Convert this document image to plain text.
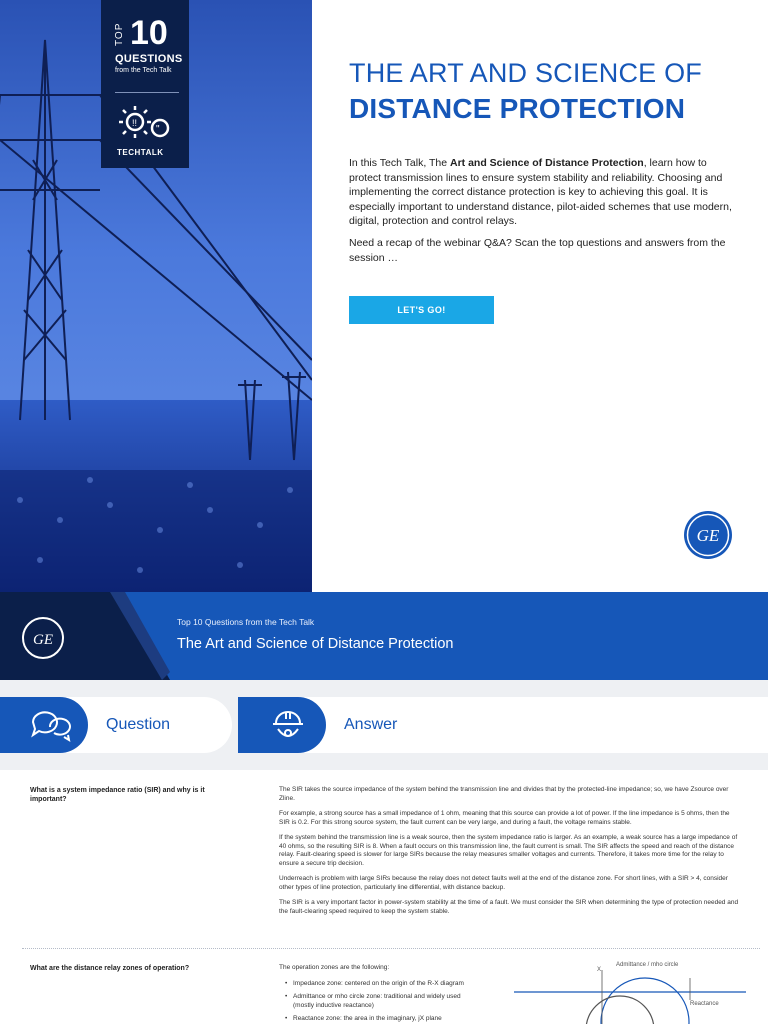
10
TOP
QUESTIONS
from the Tech Talk
"
!!
TECHTALK
THE ART AND SCIENCE OF
DISTANCE PROTECTION
In this Tech Talk, The Art and Science of Distance Protection, learn how to protect transmission lines to ensure system stability and reliability. Choosing and implementing the correct distance protection is key to achieving this goal. It is especially important to understand distance, pilot-aided schemes that use modern, digital, protection and control relays.
Need a recap of the webinar Q&A? Scan the top questions and answers from the session …
LET'S GO!
GE
GE
Top 10 Questions from the Tech Talk
The Art and Science of Distance Protection
Question	Answer
What is a system impedance ratio (SIR) and why is it important?

The SIR takes the source impedance of the system behind the transmission line and divides that by the protected-line impedance; so, we have Zsource over Zline.

For example, a strong source has a small impedance of 1 ohm, meaning that this source can provide a lot of power. If the line impedance is 5 ohms, then the SIR is 0.2. For this strong source system, the fault current can be very large, and during a fault, the voltage remains stable.

If the system behind the transmission line is a weak source, then the system impedance ratio is larger. As an example, a weak source has a large impedance of 40 ohms, so the resulting SIR is 8. When a fault occurs on this transmission line, the fault current is small. The SIR affects the speed and reach of the distance relay. Fault-clearing speed is slower for large SIRs because the relay measures smaller voltages and currents. Therefore, it takes more time for the relay to ensure a secure trip decision.

Underreach is problem with large SIRs because the relay does not detect faults well at the end of the distance zone. For short lines, with a SIR > 4, consider other types of line protection, particularly line differential, with distance backup.

The SIR is a very important factor in power-system stability at the time of a fault. We must consider the SIR when determining the type of protection needed and the fault-clearing speed required to keep the system stable.

What are the distance relay zones of operation?	The operation zones are the following:

• Impedance zone: centered on the origin of the R-X diagram
• Admittance or mho circle zone: traditional and widely used (mostly inductive reactance)
• Reactance zone: the area in the imaginary, jX plane
Admittance / mho circle
Reactance
X
